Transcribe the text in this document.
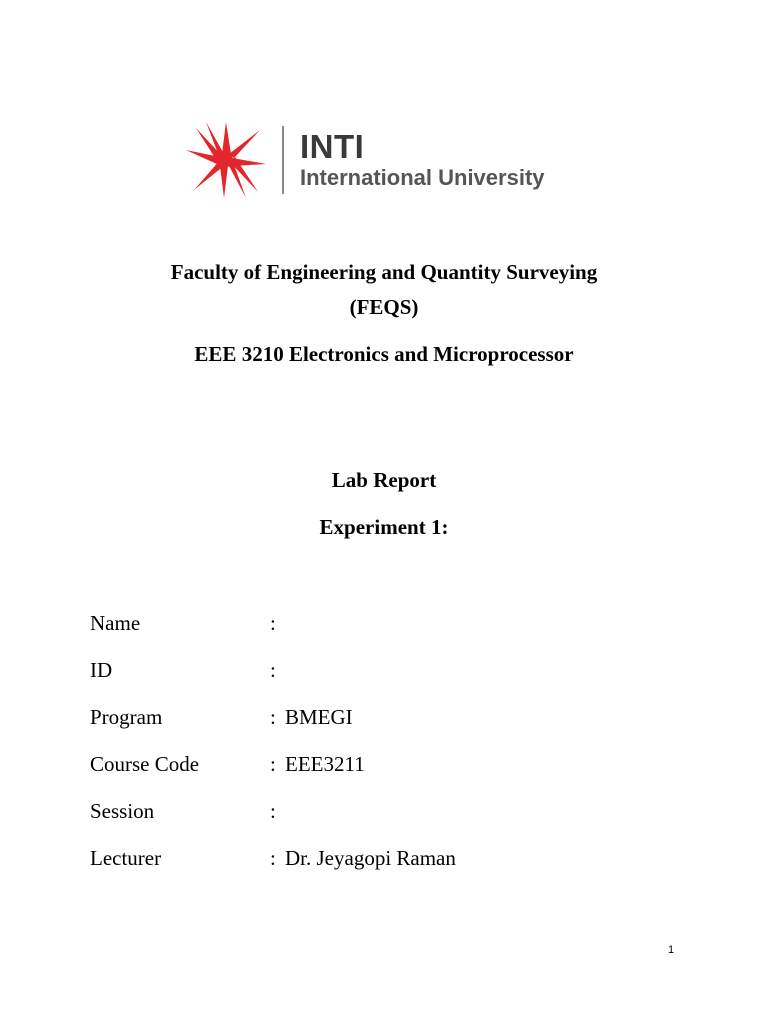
INTI
International University
Faculty of Engineering and Quantity Surveying
(FEQS)
EEE 3210 Electronics and Microprocessor
Lab Report
Experiment 1:
Name	:
ID	:
Program	: BMEGI
Course Code	: EEE3211
Session	:
Lecturer	: Dr. Jeyagopi Raman
1
